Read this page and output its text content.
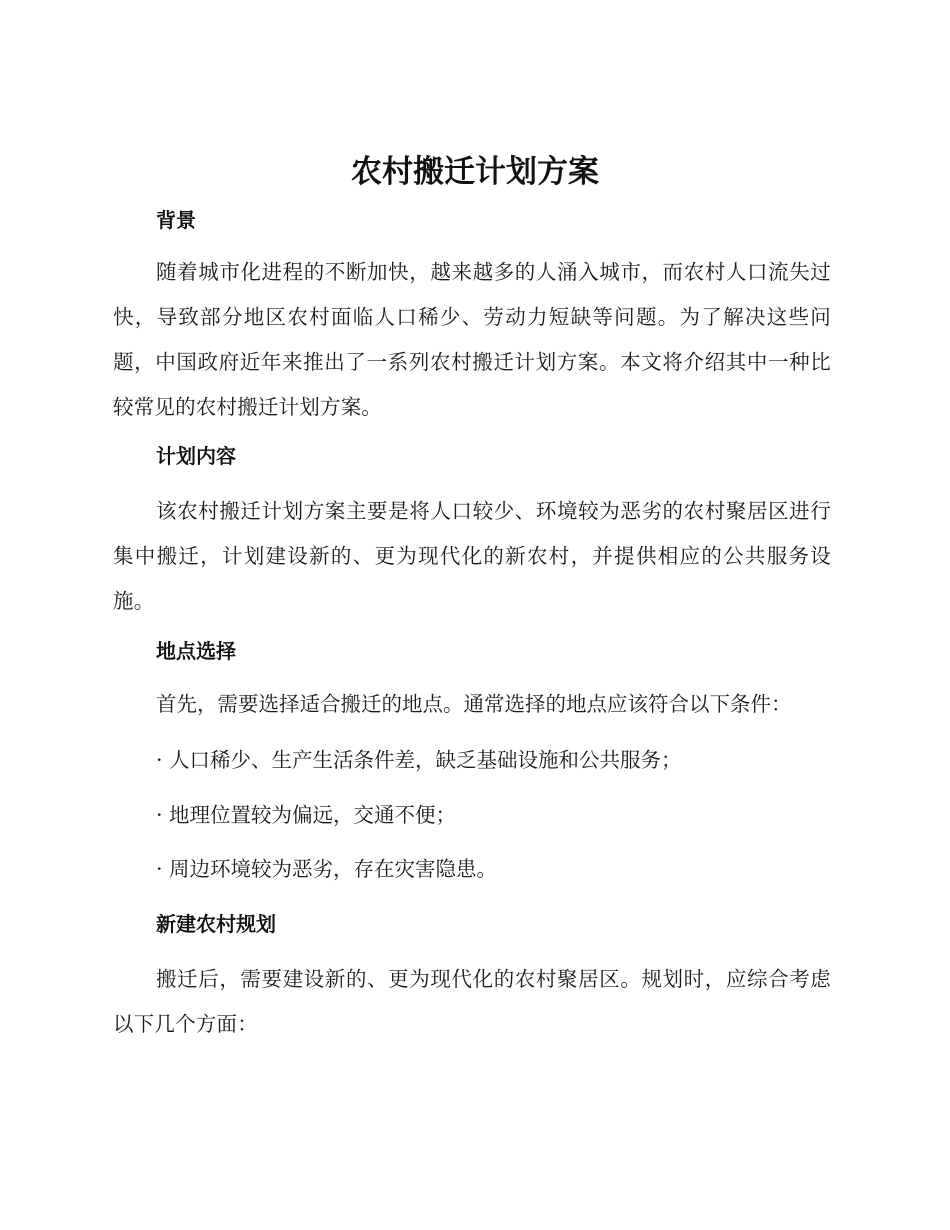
农村搬迁计划方案
背景

随着城市化进程的不断加快，越来越多的人涌入城市，而农村人口流失过快，导致部分地区农村面临人口稀少、劳动力短缺等问题。为了解决这些问题，中国政府近年来推出了一系列农村搬迁计划方案。本文将介绍其中一种比较常见的农村搬迁计划方案。

计划内容

该农村搬迁计划方案主要是将人口较少、环境较为恶劣的农村聚居区进行集中搬迁，计划建设新的、更为现代化的新农村，并提供相应的公共服务设施。

地点选择
首先，需要选择适合搬迁的地点。通常选择的地点应该符合以下条件：
· 人口稀少、生产生活条件差，缺乏基础设施和公共服务；
· 地理位置较为偏远，交通不便；
· 周边环境较为恶劣，存在灾害隐患。
新建农村规划

搬迁后，需要建设新的、更为现代化的农村聚居区。规划时，应综合考虑以下几个方面：
